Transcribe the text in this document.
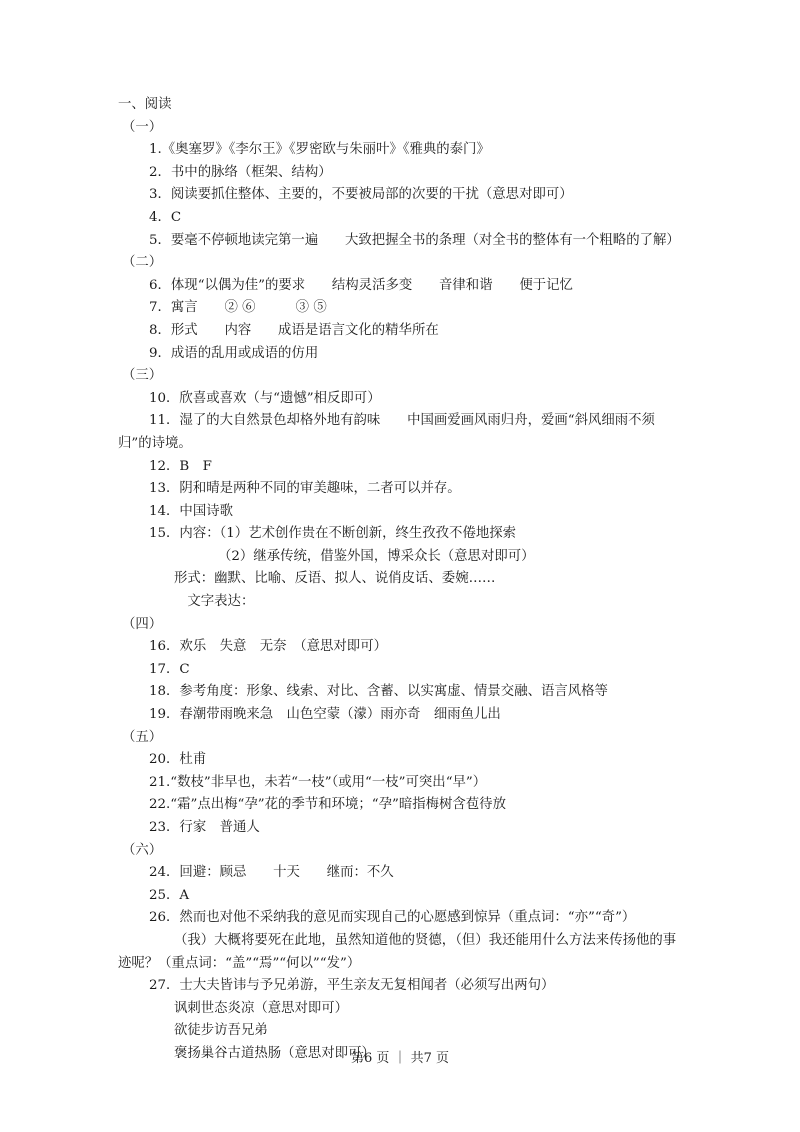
一、阅读
（一）
1.《奥塞罗》《李尔王》《罗密欧与朱丽叶》《雅典的泰门》
2．书中的脉络（框架、结构）
3．阅读要抓住整体、主要的，不要被局部的次要的干扰（意思对即可）
4．C
5．要毫不停顿地读完第一遍　　大致把握全书的条理（对全书的整体有一个粗略的了解）
（二）
6．体现“以偶为佳”的要求　　结构灵活多变　　音律和谐　　便于记忆
7．寓言　　② ⑥　　　③ ⑤
8．形式　　内容　　成语是语言文化的精华所在
9．成语的乱用或成语的仿用
（三）
10．欣喜或喜欢（与“遗憾”相反即可）
11．湿了的大自然景色却格外地有韵味　　中国画爱画风雨归舟，爱画“斜风细雨不须归”的诗境。
12．B　F
13．阴和晴是两种不同的审美趣味，二者可以并存。
14．中国诗歌
15．内容：（1）艺术创作贵在不断创新，终生孜孜不倦地探索
（2）继承传统，借鉴外国，博采众长（意思对即可）
形式：幽默、比喻、反语、拟人、说俏皮话、委婉……
　文字表达：
（四）
16．欢乐　失意　无奈　（意思对即可）
17．C
18．参考角度：形象、线索、对比、含蓄、以实寓虚、情景交融、语言风格等
19．春潮带雨晚来急　山色空蒙（濛）雨亦奇　细雨鱼儿出
（五）
20．杜甫
21.“数枝”非早也，未若“一枝”（或用“一枝”可突出“早”）
22.“霜”点出梅“孕”花的季节和环境；“孕”暗指梅树含苞待放
23．行家　普通人
（六）
24．回避：顾忌　　十天　　继而：不久
25．A
26．然而也对他不采纳我的意见而实现自己的心愿感到惊异（重点词：“亦”“奇”）
（我）大概将要死在此地，虽然知道他的贤德，（但）我还能用什么方法来传扬他的事迹呢？（重点词：“盖”“焉”“何以”“发”）
27．士大夫皆讳与予兄弟游，平生亲友无复相闻者（必须写出两句）
讽刺世态炎凉（意思对即可）
欲徒步访吾兄弟
褒扬巢谷古道热肠（意思对即可）
第6 页 ｜ 共7 页
